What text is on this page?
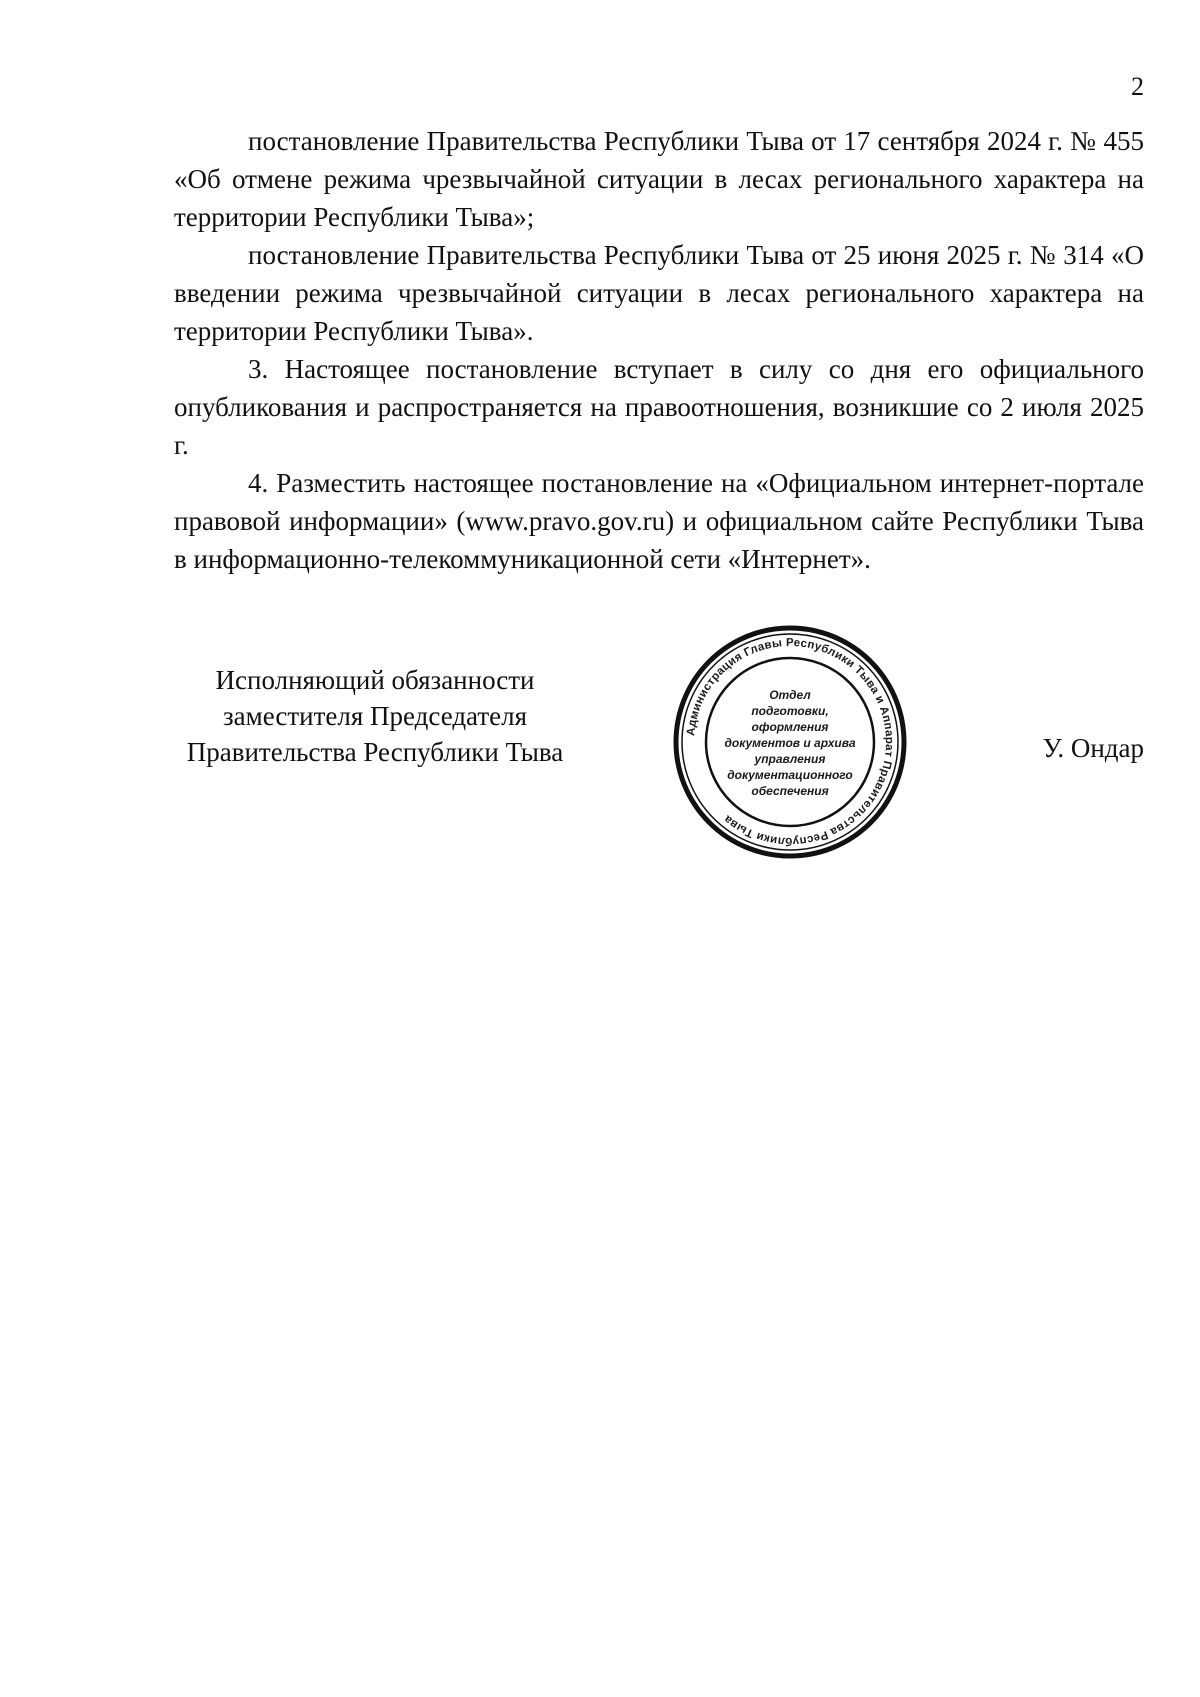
2

постановление Правительства Республики Тыва от 17 сентября 2024 г. № 455 «Об отмене режима чрезвычайной ситуации в лесах регионального характера на территории Республики Тыва»;

постановление Правительства Республики Тыва от 25 июня 2025 г. № 314 «О введении режима чрезвычайной ситуации в лесах регионального характера на территории Республики Тыва».

3. Настоящее постановление вступает в силу со дня его официального опубликования и распространяется на правоотношения, возникшие со 2 июля 2025 г.

4. Разместить настоящее постановление на «Официальном интернет-портале правовой информации» (www.pravo.gov.ru) и официальном сайте Республики Тыва в информационно-телекоммуникационной сети «Интернет».

Исполняющий обязанности
заместителя Председателя
Правительства Республики Тыва
Администрация Главы Республики Тыва и Аппарат Правительства Республики Тыва
Отдел
подготовки,
оформления
документов и архива
управления
документационного
обеспечения
У. Ондар
